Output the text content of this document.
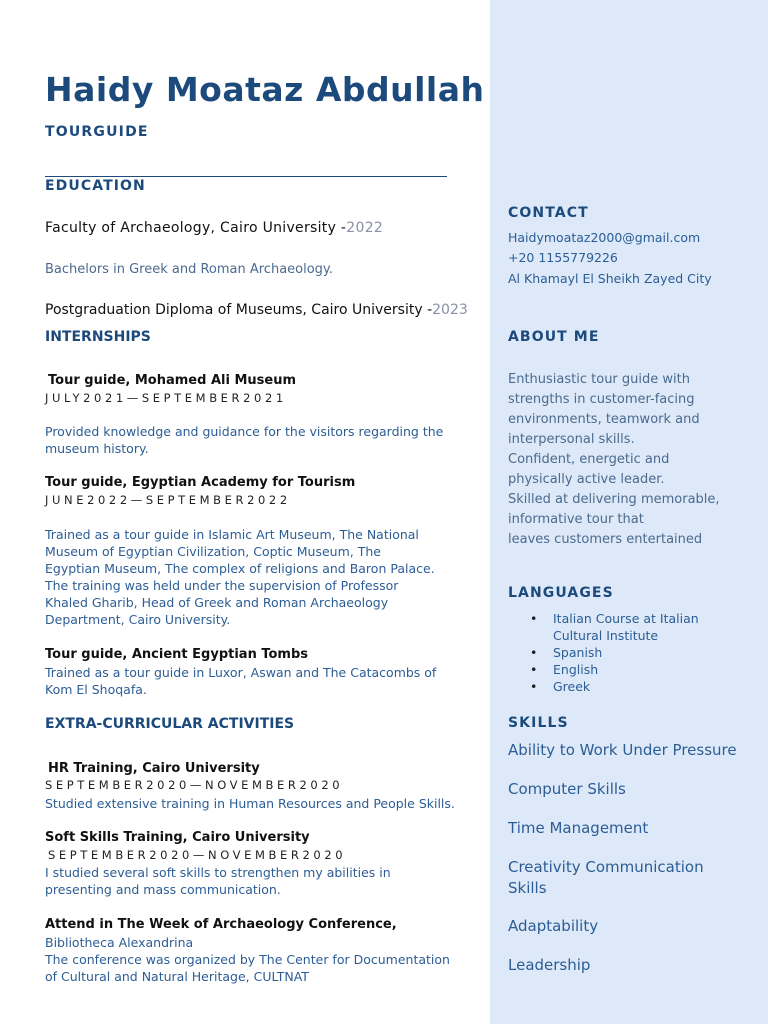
Haidy Moataz Abdullah
TOURGUIDE
EDUCATION
Faculty of Archaeology, Cairo University -2022
Bachelors in Greek and Roman Archaeology.
Postgraduation Diploma of Museums, Cairo University -2023
INTERNSHIPS
Tour guide, Mohamed Ali Museum
JULY2021—SEPTEMBER2021
Provided knowledge and guidance for the visitors regarding the museum history.
Tour guide, Egyptian Academy for Tourism
JUNE2022—SEPTEMBER2022
Trained as a tour guide in Islamic Art Museum, The National Museum of Egyptian Civilization, Coptic Museum, The Egyptian Museum, The complex of religions and Baron Palace.
The training was held under the supervision of Professor Khaled Gharib, Head of Greek and Roman Archaeology Department, Cairo University.
Tour guide, Ancient Egyptian Tombs
Trained as a tour guide in Luxor, Aswan and The Catacombs of Kom El Shoqafa.
EXTRA-CURRICULAR ACTIVITIES
HR Training, Cairo University
SEPTEMBER2020—NOVEMBER2020
Studied extensive training in Human Resources and People Skills.
Soft Skills Training, Cairo University
SEPTEMBER2020—NOVEMBER2020
I studied several soft skills to strengthen my abilities in presenting and mass communication.
Attend in The Week of Archaeology Conference,
Bibliotheca Alexandrina
The conference was organized by The Center for Documentation of Cultural and Natural Heritage, CULTNAT
CONTACT
Haidymoataz2000@gmail.com
+20 1155779226
Al Khamayl El Sheikh Zayed City
ABOUT ME
Enthusiastic tour guide with
strengths in customer-facing
environments, teamwork and
interpersonal skills.
Confident, energetic and
physically active leader.
Skilled at delivering memorable,
informative tour that
leaves customers entertained
LANGUAGES
• Italian Course at Italian Cultural Institute
• Spanish
• English
• Greek
SKILLS
Ability to Work Under Pressure
Computer Skills
Time Management
Creativity Communication Skills
Adaptability
Leadership
